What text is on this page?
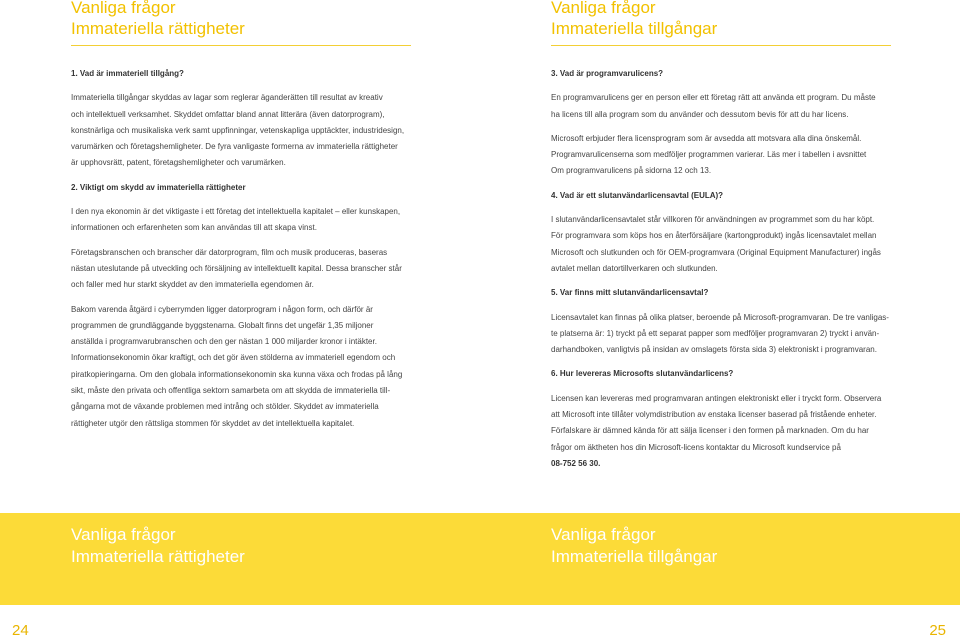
Vanliga frågor
Immateriella rättigheter

1. Vad är immateriell tillgång?

Immateriella tillgångar skyddas av lagar som reglerar äganderätten till resultat av kreativ

och intellektuell verksamhet. Skyddet omfattar bland annat litterära (även datorprogram),

konstnärliga och musikaliska verk samt uppfinningar, vetenskapliga upptäckter, industridesign,

varumärken och företagshemligheter. De fyra vanligaste formerna av immateriella rättigheter

är upphovsrätt, patent, företagshemligheter och varumärken.

2. Viktigt om skydd av immateriella rättigheter

I den nya ekonomin är det viktigaste i ett företag det intellektuella kapitalet – eller kunskapen,

informationen och erfarenheten som kan användas till att skapa vinst.

Företagsbranschen och branscher där datorprogram, film och musik produceras, baseras

nästan uteslutande på utveckling och försäljning av intellektuellt kapital. Dessa branscher står

och faller med hur starkt skyddet av den immateriella egendomen är.

Bakom varenda åtgärd i cyberrymden ligger datorprogram i någon form, och därför är

programmen de grundläggande byggstenarna. Globalt finns det ungefär 1,35 miljoner

anställda i programvarubranschen och den ger nästan 1 000 miljarder kronor i intäkter.

Informationsekonomin ökar kraftigt, och det gör även stölderna av immateriell egendom och

piratkopieringarna. Om den globala informationsekonomin ska kunna växa och frodas på lång

sikt, måste den privata och offentliga sektorn samarbeta om att skydda de immateriella till-

gångarna mot de växande problemen med intrång och stölder. Skyddet av immateriella

rättigheter utgör den rättsliga stommen för skyddet av det intellektuella kapitalet.

Vanliga frågor
Immateriella tillgångar

3. Vad är programvarulicens?

En programvarulicens ger en person eller ett företag rätt att använda ett program. Du måste

ha licens till alla program som du använder och dessutom bevis för att du har licens.

Microsoft erbjuder flera licensprogram som är avsedda att motsvara alla dina önskemål.

Programvarulicenserna som medföljer programmen varierar. Läs mer i tabellen i avsnittet

Om programvarulicens på sidorna 12 och 13.

4. Vad är ett slutanvändarlicensavtal (EULA)?

I slutanvändarlicensavtalet står villkoren för användningen av programmet som du har köpt.

För programvara som köps hos en återförsäljare (kartongprodukt) ingås licensavtalet mellan

Microsoft och slutkunden och för OEM-programvara (Original Equipment Manufacturer) ingås

avtalet mellan datortillverkaren och slutkunden.

5. Var finns mitt slutanvändarlicensavtal?

Licensavtalet kan finnas på olika platser, beroende på Microsoft-programvaran. De tre vanligas-

te platserna är: 1) tryckt på ett separat papper som medföljer programvaran 2) tryckt i använ-

darhandboken, vanligtvis på insidan av omslagets första sida 3) elektroniskt i programvaran.

6. Hur levereras Microsofts slutanvändarlicens?

Licensen kan levereras med programvaran antingen elektroniskt eller i tryckt form. Observera

att Microsoft inte tillåter volymdistribution av enstaka licenser baserad på fristående enheter.

Förfalskare är dämned kända för att sälja licenser i den formen på marknaden. Om du har

frågor om äktheten hos din Microsoft-licens kontaktar du Microsoft kundservice på

08-752 56 30.

Vanliga frågor
Immateriella rättigheter
Vanliga frågor
Immateriella tillgångar
24	25
